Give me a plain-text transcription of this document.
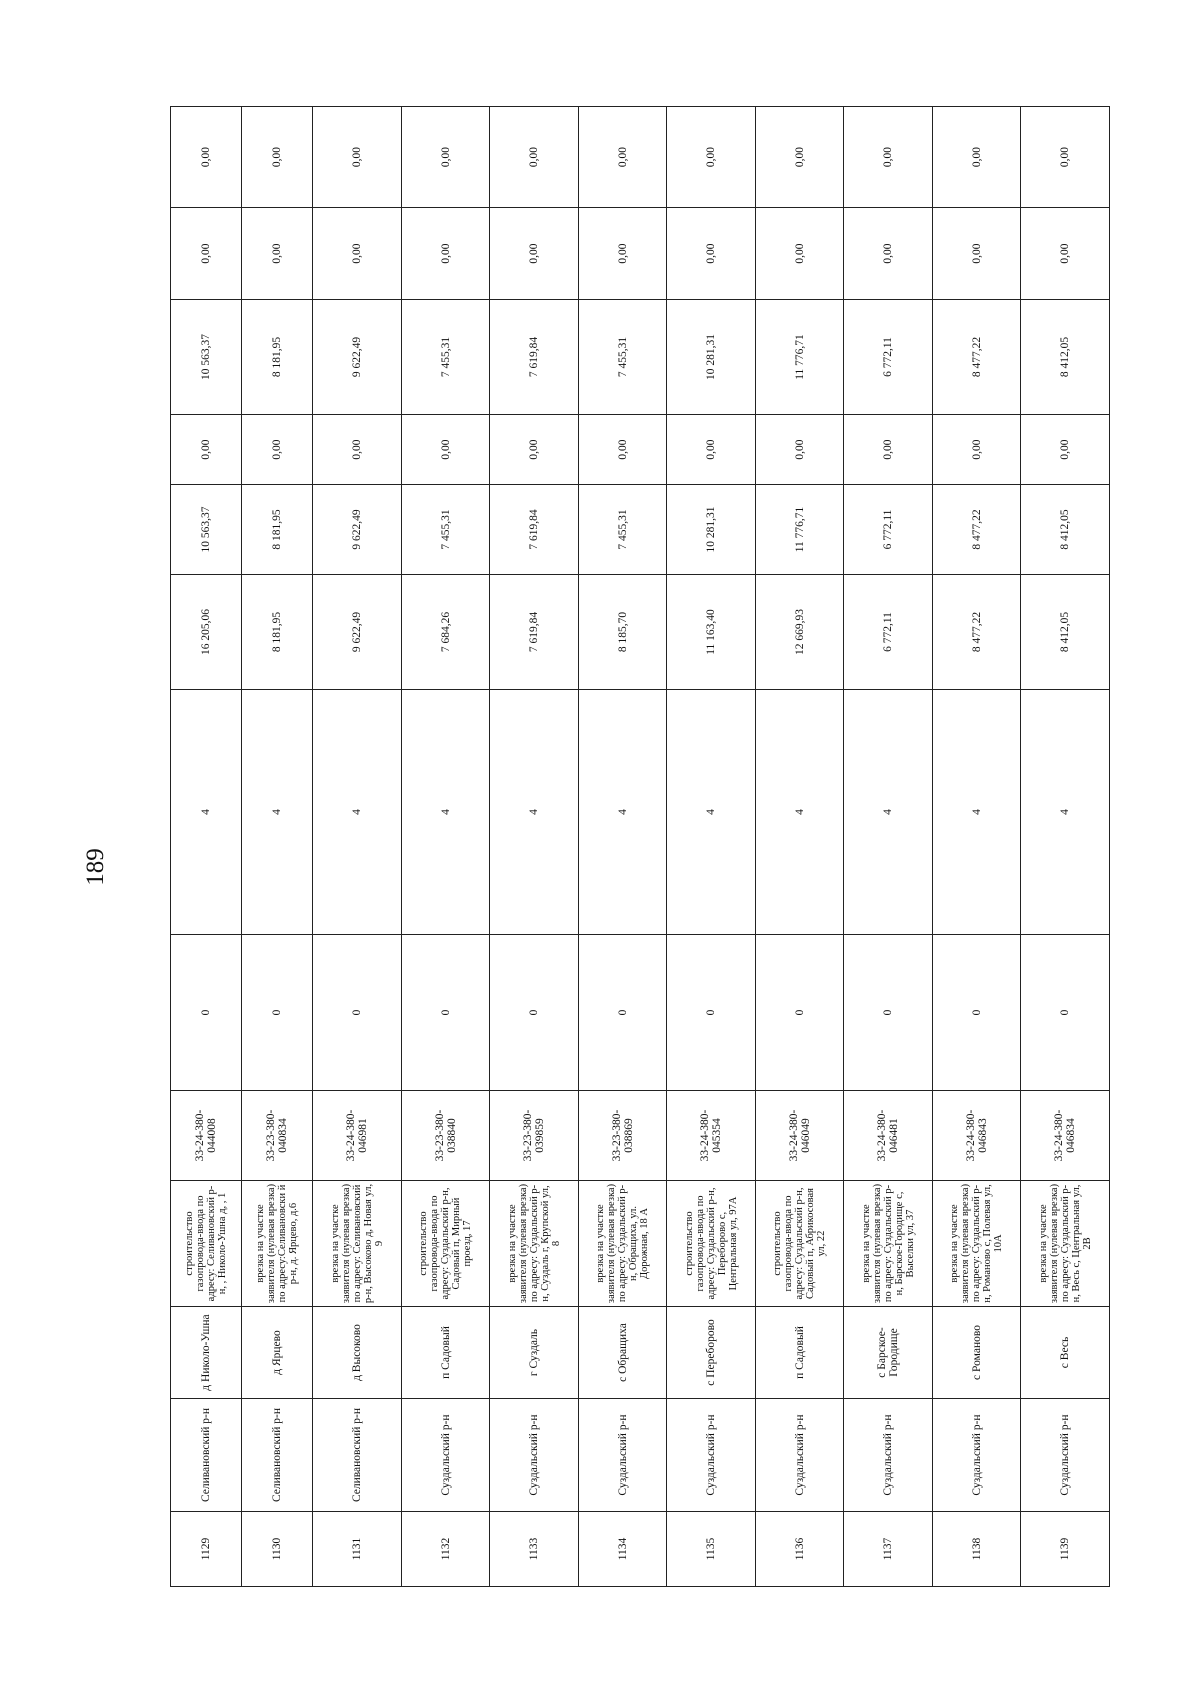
189
1129	Селивановский р-н	д Николо-Ушна	строительство газопровода-ввода по адресу: Селивановский р-н, , Николо-Ушна д, , 1	33-24-380-044008	0	4	16 205,06	10 563,37	0,00	10 563,37	0,00	0,00
1130	Селивановский р-н	д Ярцево	врезка на участке заявителя (нулевая врезка) по адресу:Селивановски й р-н, д. Ярцево, д.6	33-23-380-040834	0	4	8 181,95	8 181,95	0,00	8 181,95	0,00	0,00
1131	Селивановский р-н	д Высоково	врезка на участке заявителя (нулевая врезка) по адресу: Селивановский р-н, Высоково д, Новая ул, 9	33-24-380-046981	0	4	9 622,49	9 622,49	0,00	9 622,49	0,00	0,00
1132	Суздальский р-н	п Садовый	строительство газопровода-ввода по адресу: Суздальский р-н, Садовый п, Мирный проезд, 17	33-23-380-038840	0	4	7 684,26	7 455,31	0,00	7 455,31	0,00	0,00
1133	Суздальский р-н	г Суздаль	врезка на участке заявителя (нулевая врезка) по адресу: Суздальский р-н, Суздаль г, Крупской ул, 8	33-23-380-039859	0	4	7 619,84	7 619,84	0,00	7 619,84	0,00	0,00
1134	Суздальский р-н	с Обращиха	врезка на участке заявителя (нулевая врезка) по адресу: Суздальский р-н, Обращиха, ул. Дорожная, 18 А	33-23-380-038869	0	4	8 185,70	7 455,31	0,00	7 455,31	0,00	0,00
1135	Суздальский р-н	с Переборово	строительство газопровода-ввода по адресу: Суздальский р-н, Переборово с, Центральная ул, 97А	33-24-380-045354	0	4	11 163,40	10 281,31	0,00	10 281,31	0,00	0,00
1136	Суздальский р-н	п Садовый	строительство газопровода-ввода по адресу: Суздальский р-н, Садовый п, Абрикосовая ул, 22	33-24-380-046049	0	4	12 669,93	11 776,71	0,00	11 776,71	0,00	0,00
1137	Суздальский р-н	с Барское-Городище	врезка на участке заявителя (нулевая врезка) по адресу: Суздальский р-н, Барское-Городище с, Выселки ул, 37	33-24-380-046481	0	4	6 772,11	6 772,11	0,00	6 772,11	0,00	0,00
1138	Суздальский р-н	с Романово	врезка на участке заявителя (нулевая врезка) по адресу: Суздальский р-н, Романово с, Полевая ул, 10А	33-24-380-046843	0	4	8 477,22	8 477,22	0,00	8 477,22	0,00	0,00
1139	Суздальский р-н	с Весь	врезка на участке заявителя (нулевая врезка) по адресу: Суздальский р-н, Весь с, Центральная ул, 2В	33-24-380-046834	0	4	8 412,05	8 412,05	0,00	8 412,05	0,00	0,00
